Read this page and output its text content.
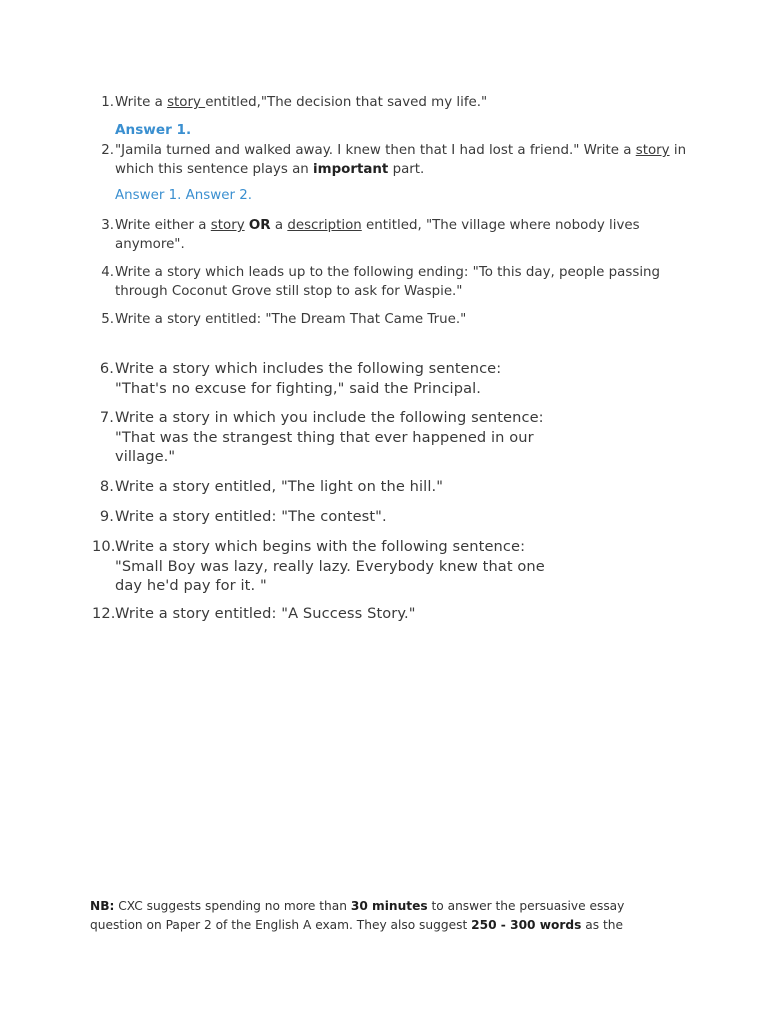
1. Write a story entitled,"The decision that saved my life."
Answer 1.
2. "Jamila turned and walked away. I knew then that I had lost a friend." Write a story in
which this sentence plays an important part.
Answer 1. Answer 2.
3. Write either a story OR a description entitled, "The village where nobody lives
anymore".
4. Write a story which leads up to the following ending: "To this day, people passing
through Coconut Grove still stop to ask for Waspie."
5. Write a story entitled: "The Dream That Came True."
6. Write a story which includes the following sentence:
"That's no excuse for fighting," said the Principal.
7. Write a story in which you include the following sentence:
"That was the strangest thing that ever happened in our
village."
8. Write a story entitled, "The light on the hill."
9. Write a story entitled: "The contest".
10. Write a story which begins with the following sentence:
"Small Boy was lazy, really lazy. Everybody knew that one
day he'd pay for it. "
12. Write a story entitled: "A Success Story."
NB: CXC suggests spending no more than 30 minutes to answer the persuasive essay
question on Paper 2 of the English A exam. They also suggest 250 - 300 words as the
